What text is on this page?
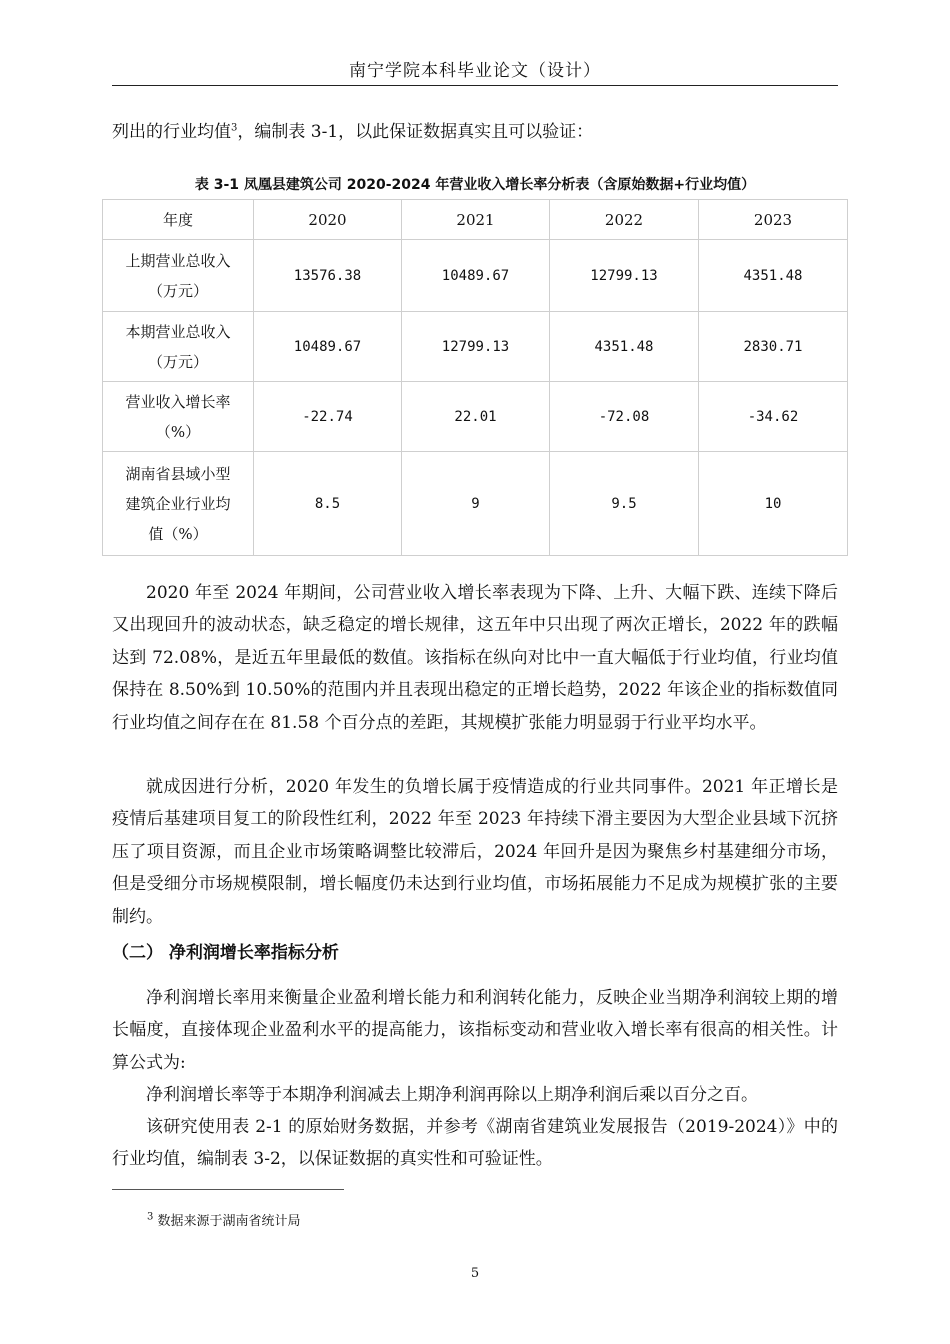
南宁学院本科毕业论文（设计）

列出的行业均值$^3$，编制表 3-1，以此保证数据真实且可以验证：

表 3-1 凤凰县建筑公司 2020-2024 年营业收入增长率分析表（含原始数据+行业均值）
年度	2020	2021	2022	2023
上期营业总收入
（万元）	13576.38	10489.67	12799.13	4351.48
本期营业总收入
（万元）	10489.67	12799.13	4351.48	2830.71
营业收入增长率
（%）	-22.74	22.01	-72.08	-34.62
湖南省县域小型
建筑企业行业均
值（%）	8.5	9	9.5	10

2020 年至 2024 年期间，公司营业收入增长率表现为下降、上升、大幅下跌、连续下降后又出现回升的波动状态，缺乏稳定的增长规律，这五年中只出现了两次正增长，2022 年的跌幅达到 72.08%，是近五年里最低的数值。该指标在纵向对比中一直大幅低于行业均值，行业均值保持在 8.50%到 10.50%的范围内并且表现出稳定的正增长趋势，2022 年该企业的指标数值同行业均值之间存在在 81.58 个百分点的差距，其规模扩张能力明显弱于行业平均水平。

就成因进行分析，2020 年发生的负增长属于疫情造成的行业共同事件。2021 年正增长是疫情后基建项目复工的阶段性红利，2022 年至 2023 年持续下滑主要因为大型企业县域下沉挤压了项目资源，而且企业市场策略调整比较滞后，2024 年回升是因为聚焦乡村基建细分市场，但是受细分市场规模限制，增长幅度仍未达到行业均值，市场拓展能力不足成为规模扩张的主要制约。

（二） 净利润增长率指标分析

净利润增长率用来衡量企业盈利增长能力和利润转化能力，反映企业当期净利润较上期的增长幅度，直接体现企业盈利水平的提高能力，该指标变动和营业收入增长率有很高的相关性。计算公式为:

净利润增长率等于本期净利润减去上期净利润再除以上期净利润后乘以百分之百。

该研究使用表 2-1 的原始财务数据，并参考《湖南省建筑业发展报告（2019-2024）》中的行业均值，编制表 3-2，以保证数据的真实性和可验证性。

$^3$ 数据来源于湖南省统计局
5
